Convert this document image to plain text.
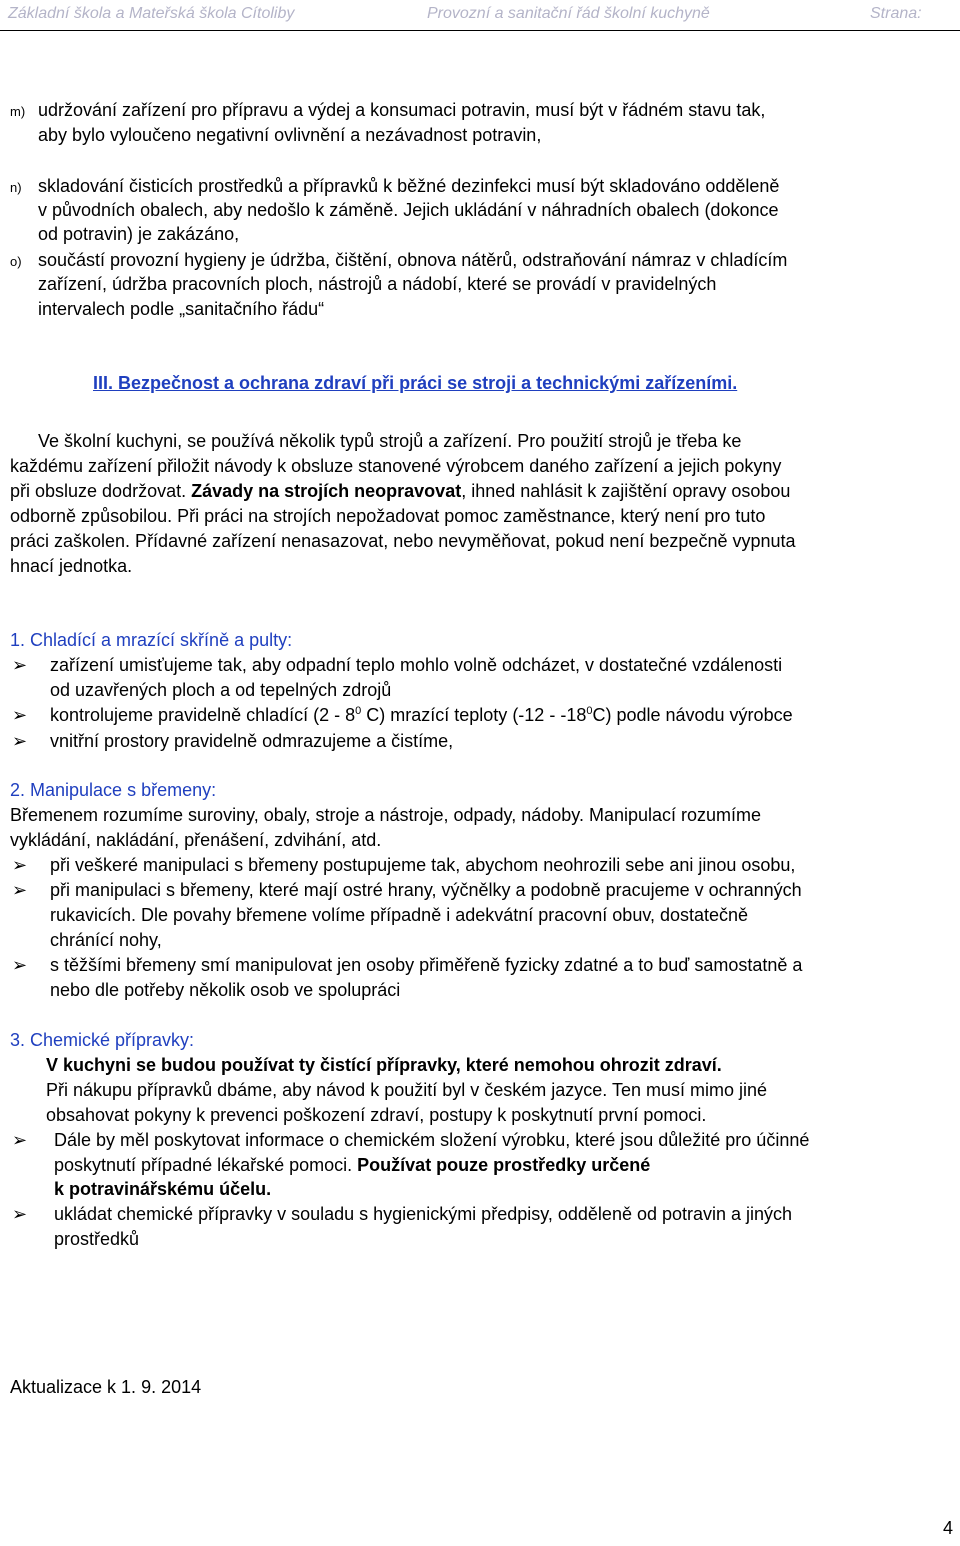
Základní škola a Mateřská škola Cítoliby	Provozní a sanitační řád školní kuchyně	Strana:
m) udržování zařízení pro přípravu a výdej a konsumaci potravin, musí být v řádném stavu tak,
aby bylo vyloučeno negativní ovlivnění a nezávadnost potravin,
n) skladování čisticích prostředků a přípravků k běžné dezinfekci musí být skladováno odděleně
v původních obalech, aby nedošlo k záměně. Jejich ukládání v náhradních obalech (dokonce
od potravin) je zakázáno,
o) součástí provozní hygieny je údržba, čištění, obnova nátěrů, odstraňování námraz v chladícím
zařízení, údržba pracovních ploch, nástrojů a nádobí, které se provádí v pravidelných
intervalech podle „sanitačního řádu“
III. Bezpečnost a ochrana zdraví při práci se stroji a technickými zařízeními.
Ve školní kuchyni, se používá několik typů strojů a zařízení. Pro použití strojů je třeba ke
každému zařízení přiložit návody k obsluze stanovené výrobcem daného zařízení a jejich pokyny
při obsluze dodržovat. Závady na strojích neopravovat, ihned nahlásit k zajištění opravy osobou
odborně způsobilou. Při práci na strojích nepožadovat pomoc zaměstnance, který není pro tuto
práci zaškolen. Přídavné zařízení nenasazovat, nebo nevyměňovat, pokud není bezpečně vypnuta
hnací jednotka.
1. Chladící a mrazící skříně a pulty:
➢ zařízení umisťujeme tak, aby odpadní teplo mohlo volně odcházet, v dostatečné vzdálenosti
od uzavřených ploch a od tepelných zdrojů
➢ kontrolujeme pravidelně chladící ($2 - 8^0$ C) mrazící teploty $(-12 - -18^0C)$ podle návodu výrobce
➢ vnitřní prostory pravidelně odmrazujeme a čistíme,
2. Manipulace s břemeny:
Břemenem rozumíme suroviny, obaly, stroje a nástroje, odpady, nádoby. Manipulací rozumíme
vykládání, nakládání, přenášení, zdvihání, atd.
➢ při veškeré manipulaci s břemeny postupujeme tak, abychom neohrozili sebe ani jinou osobu,
➢ při manipulaci s břemeny, které mají ostré hrany, výčnělky a podobně pracujeme v ochranných
rukavicích. Dle povahy břemene volíme případně i adekvátní pracovní obuv, dostatečně
chránící nohy,
➢ s těžšími břemeny smí manipulovat jen osoby přiměřeně fyzicky zdatné a to buď samostatně a
nebo dle potřeby několik osob ve spolupráci
3. Chemické přípravky:
V kuchyni se budou používat ty čistící přípravky, které nemohou ohrozit zdraví.
Při nákupu přípravků dbáme, aby návod k použití byl v českém jazyce. Ten musí mimo jiné
obsahovat pokyny k prevenci poškození zdraví, postupy k poskytnutí první pomoci.
➢ Dále by měl poskytovat informace o chemickém složení výrobku, které jsou důležité pro účinné
poskytnutí případné lékařské pomoci. Používat pouze prostředky určené
k potravinářskému účelu.
➢ ukládat chemické přípravky v souladu s hygienickými předpisy, odděleně od potravin a jiných
prostředků
Aktualizace k 1. 9. 2014
4
